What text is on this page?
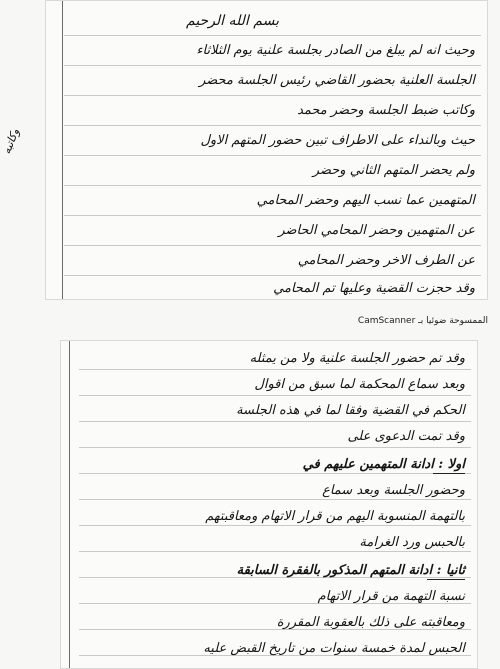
بسم الله الرحيم
وحيث انه لم يبلغ من الصادر بجلسة علنية يوم الثلاثاء
الجلسة العلنية بحضور القاضي رئيس الجلسة محضر
وكاتب ضبط الجلسة وحضر محمد
حيث وبالنداء على الاطراف تبين حضور المتهم الاول
ولم يحضر المتهم الثاني وحضر
المتهمين عما نسب اليهم وحضر المحامي
عن المتهمين وحضر المحامي الحاضر
عن الطرف الاخر وحضر المحامي
وقد حجزت القضية وعليها تم المحامي
وكاتبه
الممسوحة ضوئيا بـ CamScanner
وقد تم حضور الجلسة علنية ولا من يمثله
وبعد سماع المحكمة لما سبق من اقوال
الحكم في القضية وفقا لما في هذه الجلسة
وقد تمت الدعوى على
اولا : ادانة المتهمين عليهم في
وحضور الجلسة وبعد سماع
بالتهمة المنسوبة اليهم من قرار الاتهام ومعاقبتهم
بالحبس ورد الغرامة
ثانيا : ادانة المتهم المذكور بالفقرة السابقة
نسبة التهمة من قرار الاتهام
ومعاقبته على ذلك بالعقوبة المقررة
الحبس لمدة خمسة سنوات من تاريخ القبض عليه
